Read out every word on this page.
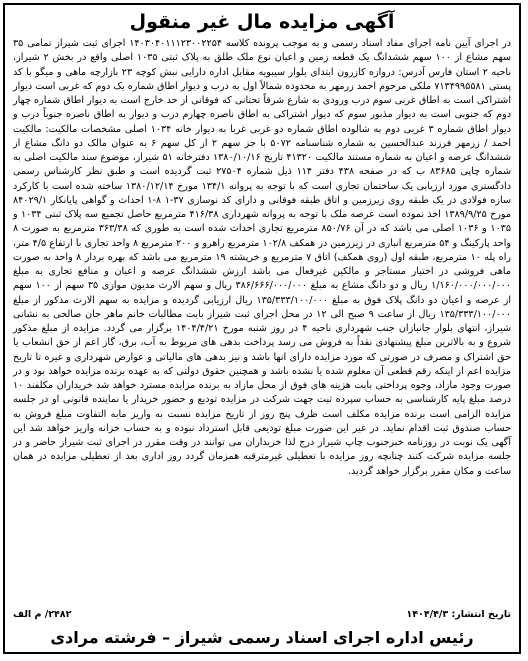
آگهی مزایده مال غیر منقول
در اجرای آیین نامه اجرای مفاد اسناد رسمی و به موجب پرونده کلاسه ۱۴۰۳۰۴۰۱۱۱۲۳۰۰۲۲۵۴ اجرای ثبت شیراز تمامی ۳۵ سهم مشاع از ۱۰۰ سهم ششدانگ یک قطعه زمین و اعیان نوع ملک طلق به پلاک ثبتی ۱۰۳۵ اصلی واقع در بخش ۲ شیراز، ناحیه ۲ استان فارس آدرس: دروازه کازرون ابتدای بلوار سیبویه مقابل اداره دارایی نبش کوچه ۲۳ بازارچه ماهی و میگو با کد پستی ۷۱۳۴۹۹۵۵۸۱ ملکی مرحوم احمد زرمهر به محدوده شمالاً اول به درب و دیوار اطاق شماره یک دوم که غربی است دیوار اشتراکی است به اطاق غربی سوم درب ورودی به شارع شرقاً تحتانی که فوقانی از حد خارج است به دیوار اطاق شماره چهار دوم که جنوبی است به دیوار مذبور سوم که دیوار اشتراکی به اطاق ناصره چهارم درب و دیوار به اطاق ناصره جنوباً درب و دیوار اطاق شماره ۳ غربی دوم به شالوده اطاق شماره دو غربی غربا به دیوار خانه ۱۰۳۴ اصلی مشخصات مالکیت: مالکیت احمد / زرمهر فرزند عبدالحسین به شماره شناسنامه ۵۰۷۲ با جز سهم ۲ از کل سهم ۶ به عنوان مالک دو دانگ مشاع از ششدانگ عرصه و اعیان به شماره مستند مالکیت ۴۱۳۲۰ تاریخ ۱۳۸۰/۱۰/۱۶ دفترخانه ۵۱ شیراز، موضوع سند مالکیت اصلی به شماره چاپی ۸۳۶۸۵ ب که در صفحه ۴۳۸ دفتر ۱۱۴ ذیل شماره ۲۷۵۰۴ ثبت گردیده است و طبق نظر کارشناس رسمی دادگستری مورد ارزیابی یک ساختمان تجاری است که با توجه به پروانه ۱۳۴/۱ مورخ ۱۳۸۰/۱۲/۱۴ ساخته شده است با کارکرد سازه فولادی در یک طبقه روی زیرزمین و اتاق طبقه فوقانی و دارای کد نوسازی ۳۷-۱ ۸-۱ احداث و گواهی پایانکار ۸۴۰۲۹/۱ مورخ ۱۳۸۹/۹/۲۵ اخذ نموده است عرصه ملک با توجه به پروانه شهرداری ۴۱۶/۳۸ مترمربع حاصل تجمیع سه پلاک ثبتی ۱۰۳۴ و ۱۰۳۵ و ۱۰۳۶ اصلی می باشد که در آن ۸۵۰/۷۶ مترمربع تجاری احداث شده است به طوری که ۳۶۳/۳۸ مترمربع به صورت ۸ واحد پارکینگ و ۵۴ مترمربع انباری در زیرزمین در همکف ۱۰۲/۸ مترمربع راهرو و ۲۰۰ مترمربع ۸ واحد تجاری با ارتفاع ۴/۵ متر، راه پله ۱۰ مترمربع، طبقه اول (روی همکف) اتاق ۷ مترمربع و خرپشته ۱۹ مترمربع می باشد که بهره بردار ۸ واحد به صورت ماهی فروشی در اختیار مستاجر و مالکین غیرفعال می باشد ارزش ششدانگ عرصه و اعیان و منافع تجاری به مبلغ ۱/۱۶۰/۰۰۰/۰۰۰/۰۰۰ ریال و دو دانگ مشاع به مبلغ ۳۸۶/۶۶۶/۰۰۰/۰۰۰ ریال و سهم الارث مدیون موازی ۳۵ سهم از ۱۰۰ سهم از عرصه و اعیان دو دانگ پلاک فوق به مبلغ ۱۳۵/۳۳۳/۱۰۰/۰۰۰ ریال ارزیابی گردیده و مزایده به سهم الارث مذکور از مبلغ ۱۳۵/۳۳۳/۱۰۰/۰۰۰ ریال از ساعت ۹ صبح الی ۱۲ در محل اجرای ثبت شیراز بابت مطالبات خانم ماهر جان صالحی به نشانی شیراز، انتهای بلوار جانبازان جنب شهرداری ناحیه ۴ در روز شنبه مورخ ۱۴۰۴/۴/۲۱ برگزار می گردد. مزایده از مبلغ مذکور شروع و به بالاترین مبلغ پیشنهادی نقداً به فروش می رسد پرداخت بدهی های مربوط به آب، برق، گاز اعم از حق انشعاب یا حق اشتراک و مصرف در صورتی که مورد مزایده دارای انها باشد و نیز بدهی های مالیاتی و عوارض شهرداری و غیره تا تاریخ مزایده اعم از اینکه رقم قطعی آن معلوم شده یا نشده باشد و همچنین حقوق دولتی که به عهده برنده مزایده خواهد بود و در صورت وجود مازاد، وجوه پرداختی بابت هزینه های فوق از محل مازاد به برنده مزایده مسترد خواهد شد خریداران مکلفند ۱۰ درصد مبلغ پایه کارشناسی به حساب سپرده ثبت جهت شرکت در مزایده تودیع و حضور خریدار یا نماینده قانونی او در جلسه مزایده الزامی است برنده مزایده مکلف است ظرف پنج روز از تاریخ مزایده نسبت به واریز مابه التفاوت مبلغ فروش به حساب صندوق ثبت اقدام نماید. در غیر این صورت مبلغ تودیعی قابل استرداد نبوده و به حساب خزانه واریز خواهد شد این آگهی یک نوبت در روزنامه خبرجنوب چاپ شیراز درج لذا خریداران می توانند در وقت مقرر در اجرای ثبت شیراز حاضر و در جلسه مزایده شرکت کنند چنانچه روز مزایده با تعطیلی غیرمترقبه همزمان گردد روز اداری بعد از تعطیلی مزایده در همان ساعت و مکان مقرر برگزار خواهد گردید.
تاریخ انتشار: ۱۴۰۴/۴/۳
۲۴۸۲/ م الف
رئیس اداره اجرای اسناد رسمی شیراز – فرشته مرادی
